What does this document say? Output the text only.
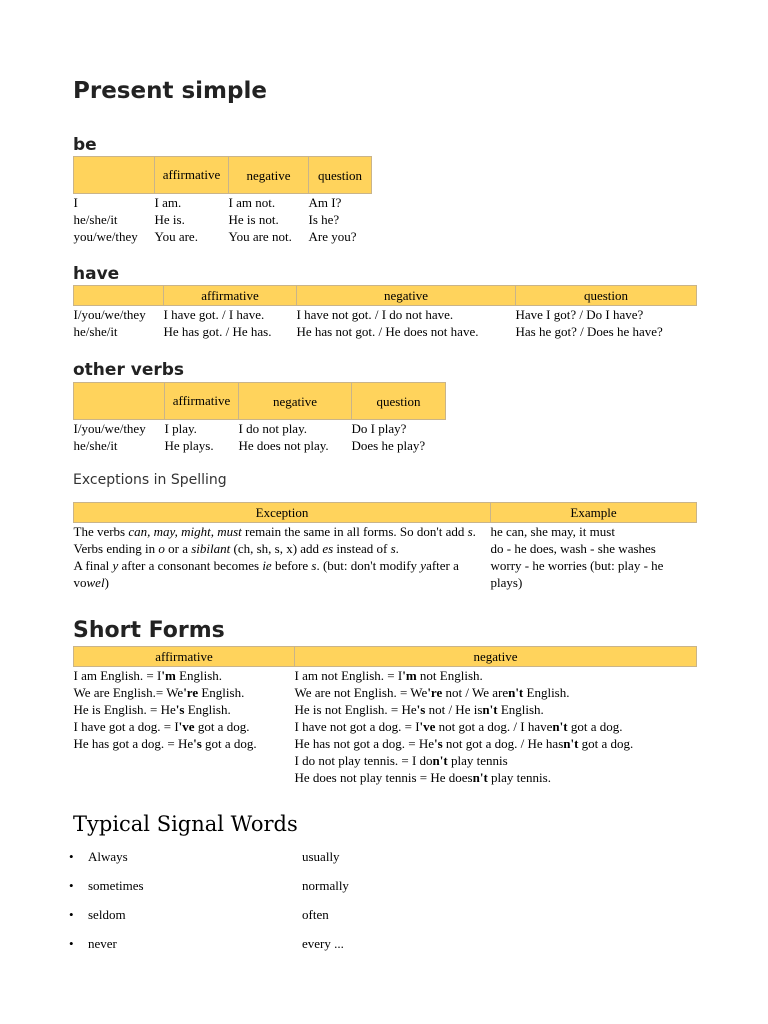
Present simple
be
	affirmative	negative	question
I	I am.	I am not.	Am I?
he/she/it	He is.	He is not.	Is he?
you/we/they	You are.	You are not.	Are you?
have
	affirmative	negative	question
I/you/we/they	I have got. / I have.	I have not got. / I do not have.	Have I got? / Do I have?
he/she/it	He has got. / He has.	He has not got. / He does not have.	Has he got? / Does he have?
other verbs
	affirmative	negative	question
I/you/we/they	I play.	I do not play.	Do I play?
he/she/it	He plays.	He does not play.	Does he play?
Exceptions in Spelling
Exception	Example
The verbs can, may, might, must remain the same in all forms. So don't add s.	he can, she may, it must
Verbs ending in o or a sibilant (ch, sh, s, x) add es instead of s.	do - he does, wash - she washes
A final y after a consonant becomes ie before s. (but: don't modify yafter a vowel)	worry - he worries (but: play - he plays)
Short Forms
affirmative	negative
I am English. = I'm English.	I am not English. = I'm not English.
We are English.= We're English.	We are not English. = We're not / We aren't English.
He is English. = He's English.	He is not English. = He's not / He isn't English.
I have got a dog. = I've got a dog.	I have not got a dog. = I've not got a dog. / I haven't got a dog.
He has got a dog. = He's got a dog.	He has not got a dog. = He's not got a dog. / He hasn't got a dog.
	I do not play tennis. = I don't play tennis
	He does not play tennis = He doesn't play tennis.
Typical Signal Words
• Always	usually
• sometimes	normally
• seldom	often
• never	every ...
